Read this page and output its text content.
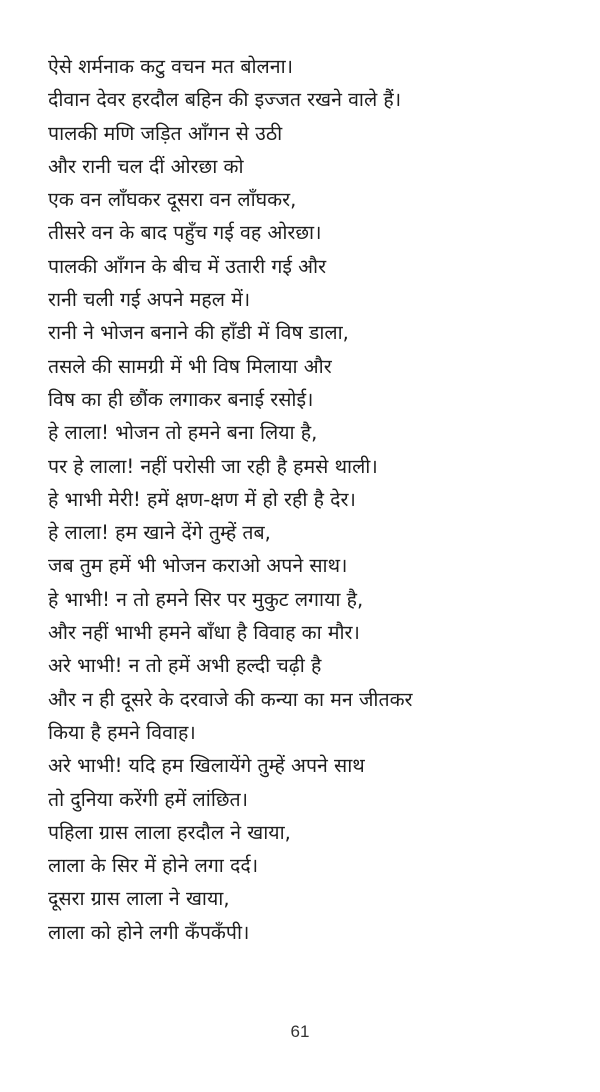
ऐसे शर्मनाक कटु वचन मत बोलना।
दीवान देवर हरदौल बहिन की इज्जत रखने वाले हैं।
पालकी मणि जड़ित आँगन से उठी
और रानी चल दीं ओरछा को
एक वन लाँघकर दूसरा वन लाँघकर,
तीसरे वन के बाद पहुँच गई वह ओरछा।
पालकी आँगन के बीच में उतारी गई और
रानी चली गई अपने महल में।
रानी ने भोजन बनाने की हाँडी में विष डाला,
तसले की सामग्री में भी विष मिलाया और
विष का ही छौंक लगाकर बनाई रसोई।
हे लाला! भोजन तो हमने बना लिया है,
पर हे लाला! नहीं परोसी जा रही है हमसे थाली।
हे भाभी मेरी! हमें क्षण-क्षण में हो रही है देर।
हे लाला! हम खाने देंगे तुम्हें तब,
जब तुम हमें भी भोजन कराओ अपने साथ।
हे भाभी! न तो हमने सिर पर मुकुट लगाया है,
और नहीं भाभी हमने बाँधा है विवाह का मौर।
अरे भाभी! न तो हमें अभी हल्दी चढ़ी है
और न ही दूसरे के दरवाजे की कन्या का मन जीतकर
किया है हमने विवाह।
अरे भाभी! यदि हम खिलायेंगे तुम्हें अपने साथ
तो दुनिया करेंगी हमें लांछित।
पहिला ग्रास लाला हरदौल ने खाया,
लाला के सिर में होने लगा दर्द।
दूसरा ग्रास लाला ने खाया,
लाला को होने लगी कँपकँपी।
61
